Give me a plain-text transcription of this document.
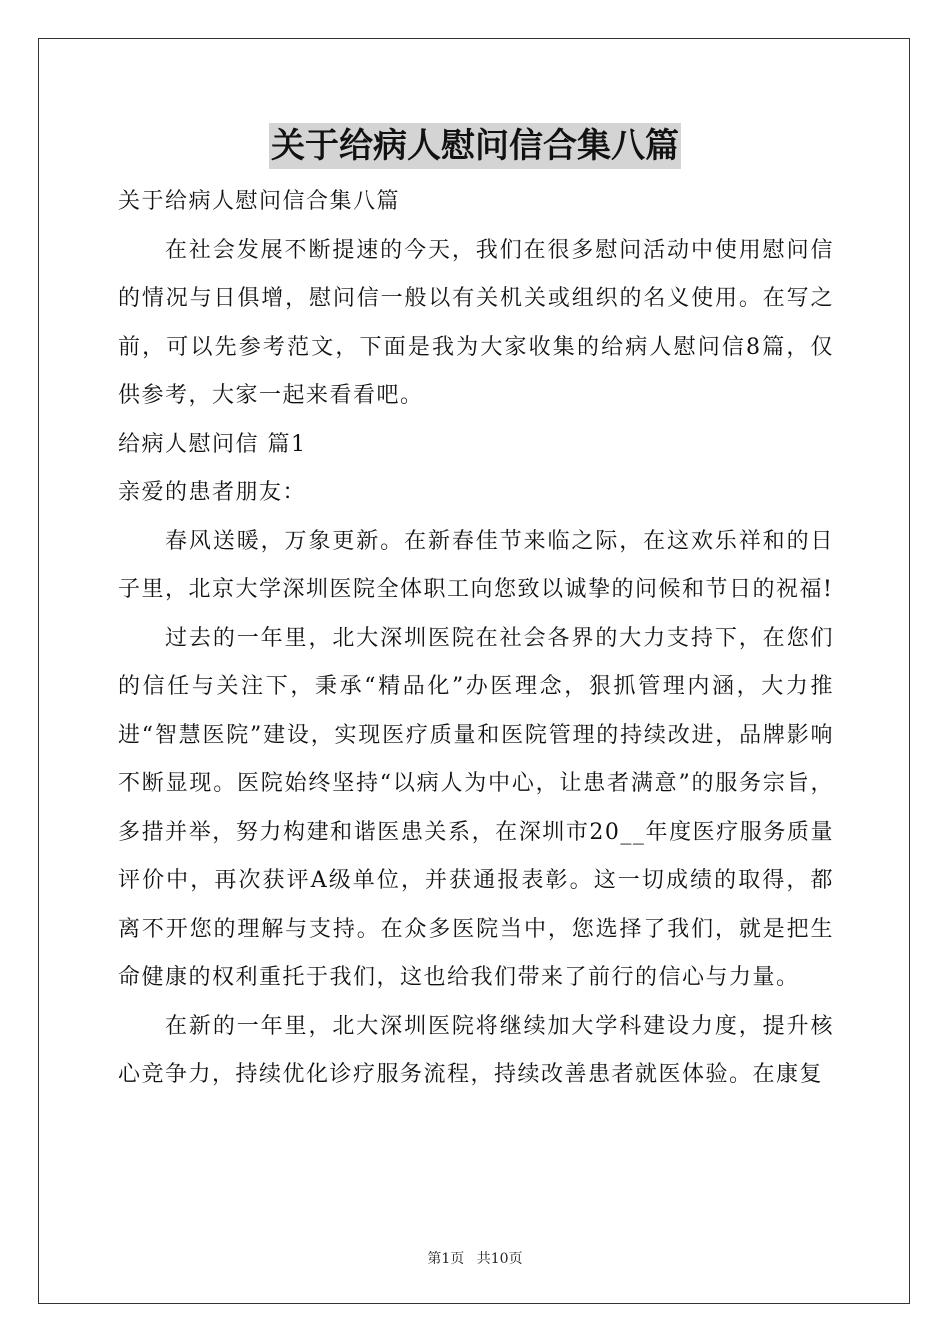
关于给病人慰问信合集八篇

关于给病人慰问信合集八篇

在社会发展不断提速的今天，我们在很多慰问活动中使用慰问信的情况与日俱增，慰问信一般以有关机关或组织的名义使用。在写之前，可以先参考范文，下面是我为大家收集的给病人慰问信8篇，仅供参考，大家一起来看看吧。

给病人慰问信 篇1

亲爱的患者朋友：

春风送暖，万象更新。在新春佳节来临之际，在这欢乐祥和的日子里，北京大学深圳医院全体职工向您致以诚挚的问候和节日的祝福!

过去的一年里，北大深圳医院在社会各界的大力支持下，在您们的信任与关注下，秉承“精品化”办医理念，狠抓管理内涵，大力推进“智慧医院”建设，实现医疗质量和医院管理的持续改进，品牌影响不断显现。医院始终坚持“以病人为中心，让患者满意”的服务宗旨，多措并举，努力构建和谐医患关系，在深圳市20__年度医疗服务质量评价中，再次获评A级单位，并获通报表彰。这一切成绩的取得，都离不开您的理解与支持。在众多医院当中，您选择了我们，就是把生命健康的权利重托于我们，这也给我们带来了前行的信心与力量。

在新的一年里，北大深圳医院将继续加大学科建设力度，提升核心竞争力，持续优化诊疗服务流程，持续改善患者就医体验。在康复

第1页 共10页
